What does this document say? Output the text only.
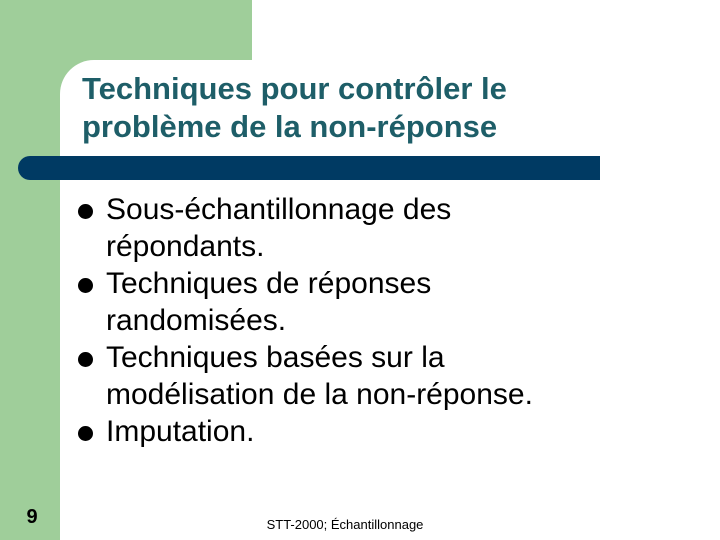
Techniques pour contrôler le
problème de la non-réponse
Sous-échantillonnage des
répondants.
Techniques de réponses
randomisées.
Techniques basées sur la
modélisation de la non-réponse.
Imputation.
9	STT-2000; Échantillonnage
